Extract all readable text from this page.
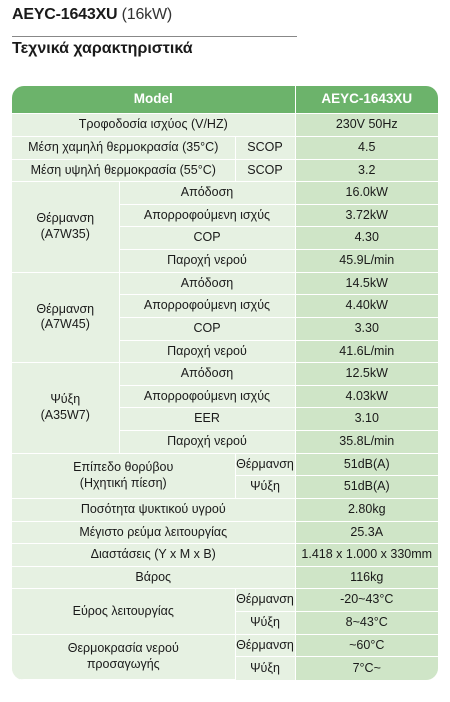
AEYC-1643XU (16kW)
Τεχνικά χαρακτηριστικά
Model			AEYC-1643XU
Τροφοδοσία ισχύος (V/HZ)			230V 50Hz
Μέση χαμηλή θερμοκρασία (35°C)		SCOP	4.5
Μέση υψηλή θερμοκρασία (55°C)		SCOP	3.2

Θέρμανση
(A7W35)	Απόδοση		16.0kW
	Απορροφούμενη ισχύς		3.72kW
	COP		4.30
	Παροχή νερού		45.9L/min

Θέρμανση
(A7W45)	Απόδοση		14.5kW
	Απορροφούμενη ισχύς		4.40kW
	COP		3.30
	Παροχή νερού		41.6L/min

Ψύξη
(A35W7)	Απόδοση		12.5kW
	Απορροφούμενη ισχύς		4.03kW
	EER		3.10
	Παροχή νερού		35.8L/min

Επίπεδο θορύβου
(Ηχητική πίεση)		Θέρμανση	51dB(A)
		Ψύξη	51dB(A)
Ποσότητα ψυκτικού υγρού			2.80kg
Μέγιστο ρεύμα λειτουργίας			25.3A
Διαστάσεις (Υ x Μ x Β)			1.418 x 1.000 x 330mm
Βάρος			116kg
Εύρος λειτουργίας		Θέρμανση	-20~43°C
		Ψύξη	8~43°C

Θερμοκρασία νερού
προσαγωγής		Θέρμανση	~60°C
		Ψύξη	7°C~
